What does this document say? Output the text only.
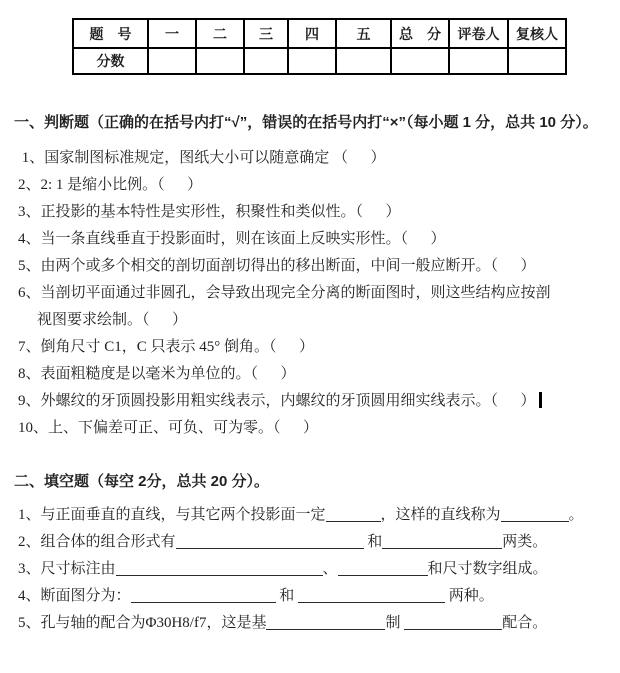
题　号	一	二	三	四	五	总　分	评卷人	复核人
分数								

一、判断题（正确的在括号内打“√”，错误的在括号内打“×”（每小题 1 分，总共 10 分）。

1、国家制图标准规定，图纸大小可以随意确定 （      ）

2、2: 1 是缩小比例。（      ）

3、正投影的基本特性是实形性，积聚性和类似性。（      ）

4、当一条直线垂直于投影面时，则在该面上反映实形性。（      ）

5、由两个或多个相交的剖切面剖切得出的移出断面，中间一般应断开。（      ）

6、当剖切平面通过非圆孔，会导致出现完全分离的断面图时，则这些结构应按剖
视图要求绘制。（      ）

7、倒角尺寸 C1，C 只表示 45° 倒角。（      ）

8、表面粗糙度是以毫米为单位的。（      ）

9、外螺纹的牙顶圆投影用粗实线表示，内螺纹的牙顶圆用细实线表示。（      ）

10、上、下偏差可正、可负、可为零。（      ）

二、填空题（每空 2分，总共 20 分）。

1、与正面垂直的直线，与其它两个投影面一定	，这样的直线称为	。

2、组合体的组合形式有	和	两类。

3、尺寸标注由	、	和尺寸数字组成。

4、断面图分为：	和	两种。

5、孔与轴的配合为Φ30H8/f7，这是基	制	配合。
